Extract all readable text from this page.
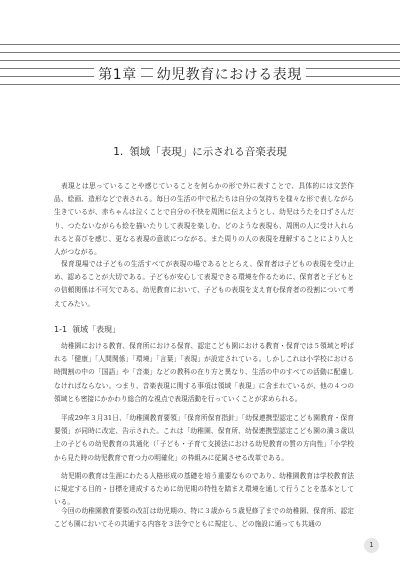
第1章 幼児教育における表現
1. 領域「表現」に示される音楽表現

表現とは思っていることや感じていることを何らかの形で外に表すことで、具体的には文芸作品、絵画、造形などで表される。毎日の生活の中で私たちは自分の気持ちを様々な形で表しながら生きているが、赤ちゃんは泣くことで自分の不快を周囲に伝えようとし、幼児はうたを口ずさんだり、つたないながらも絵を描いたりして表現を楽しむ。どのような表現も、周囲の人に受け入れられると喜びを感じ、更なる表現の意欲につながる。また周りの人の表現を理解することにより人と人がつながる。

保育現場では子どもの生活すべてが表現の場であるととらえ、保育者は子どもの表現を受け止め、認めることが大切である。子どもが安心して表現できる環境を作るために、保育者と子どもとの信頼関係は不可欠である。幼児教育において、子どもの表現を支え育む保育者の役割について考えてみたい。

1-1 領域「表現」

幼稚園における教育、保育所における保育、認定こども園における教育・保育では５領域と呼ばれる「健康」「人間関係」「環境」「言葉」「表現」が設定されている。しかしこれは小学校における時間割の中の「国語」や「音楽」などの教科の在り方と異なり、生活の中のすべての活動に配慮しなければならない。つまり、音楽表現に関する事項は領域「表現」に含まれているが、他の４つの領域とも密接にかかわり総合的な視点で表現活動を行っていくことが求められる。

平成29年３月31日、「幼稚園教育要領」「保育所保育指針」「幼保連携型認定こども園教育・保育要領」が同時に改定、告示された。これは「幼稚園、保育所、幼保連携型認定こども園の満３歳以上の子どもの幼児教育の共通化（「子ども・子育て支援法における幼児教育の質の方向性」「小学校から見た時の幼児教育で育つ力の明確化」の枠組みに従属させる改革である。

幼児期の教育は生涯にわたる人格形成の基礎を培う重要なものであり、幼稚園教育は学校教育法に規定する目的・目標を達成するために幼児期の特性を踏まえ環境を通して行うことを基本としている。

今回の幼稚園教育要領の改訂は幼児期の、特に３歳から５歳児修了までの幼稚園、保育所、認定こども園においてその共通する内容を３法令でともに規定し、どの施設に通っても共通の

1
